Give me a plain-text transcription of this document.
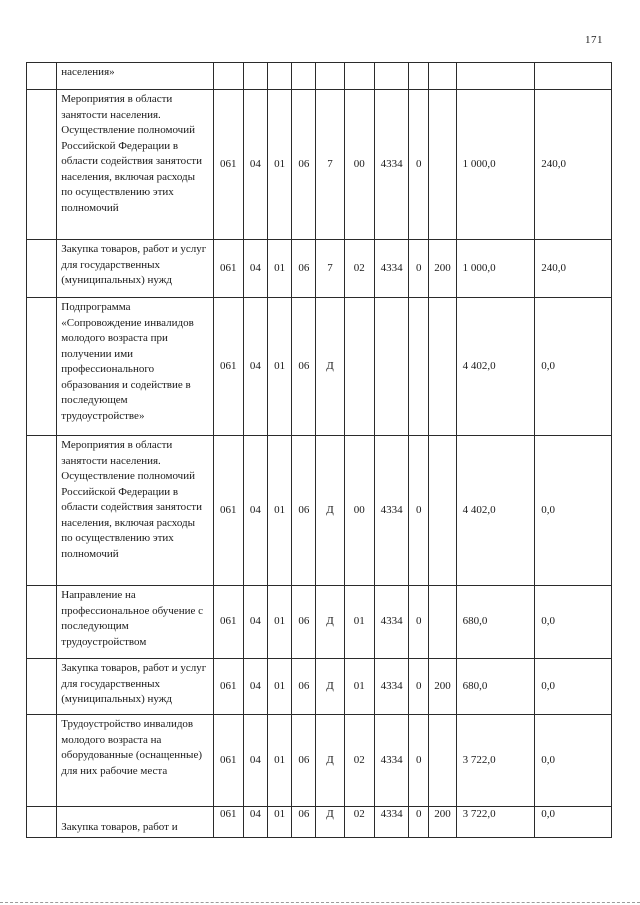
171
	населения»											
	Мероприятия в области занятости населения. Осуществление полномочий Российской Федерации в области содействия занятости населения, включая расходы по осуществлению этих полномочий	061	04	01	06	7	00	4334	0		1 000,0	240,0
	Закупка товаров, работ и услуг для государственных (муниципальных) нужд	061	04	01	06	7	02	4334	0	200	1 000,0	240,0
	Подпрограмма «Сопровождение инвалидов молодого возраста при получении ими профессионального образования и содействие в последующем трудоустройстве»	061	04	01	06	Д					4 402,0	0,0
	Мероприятия в области занятости населения. Осуществление полномочий Российской Федерации в области содействия занятости населения, включая расходы по осуществлению этих полномочий	061	04	01	06	Д	00	4334	0		4 402,0	0,0
	Направление на профессиональное обучение с последующим трудоустройством	061	04	01	06	Д	01	4334	0		680,0	0,0
	Закупка товаров, работ и услуг для государственных (муниципальных) нужд	061	04	01	06	Д	01	4334	0	200	680,0	0,0
	Трудоустройство инвалидов молодого возраста на оборудованные (оснащенные) для них рабочие места	061	04	01	06	Д	02	4334	0		3 722,0	0,0
	Закупка товаров, работ и	061	04	01	06	Д	02	4334	0	200	3 722,0	0,0
